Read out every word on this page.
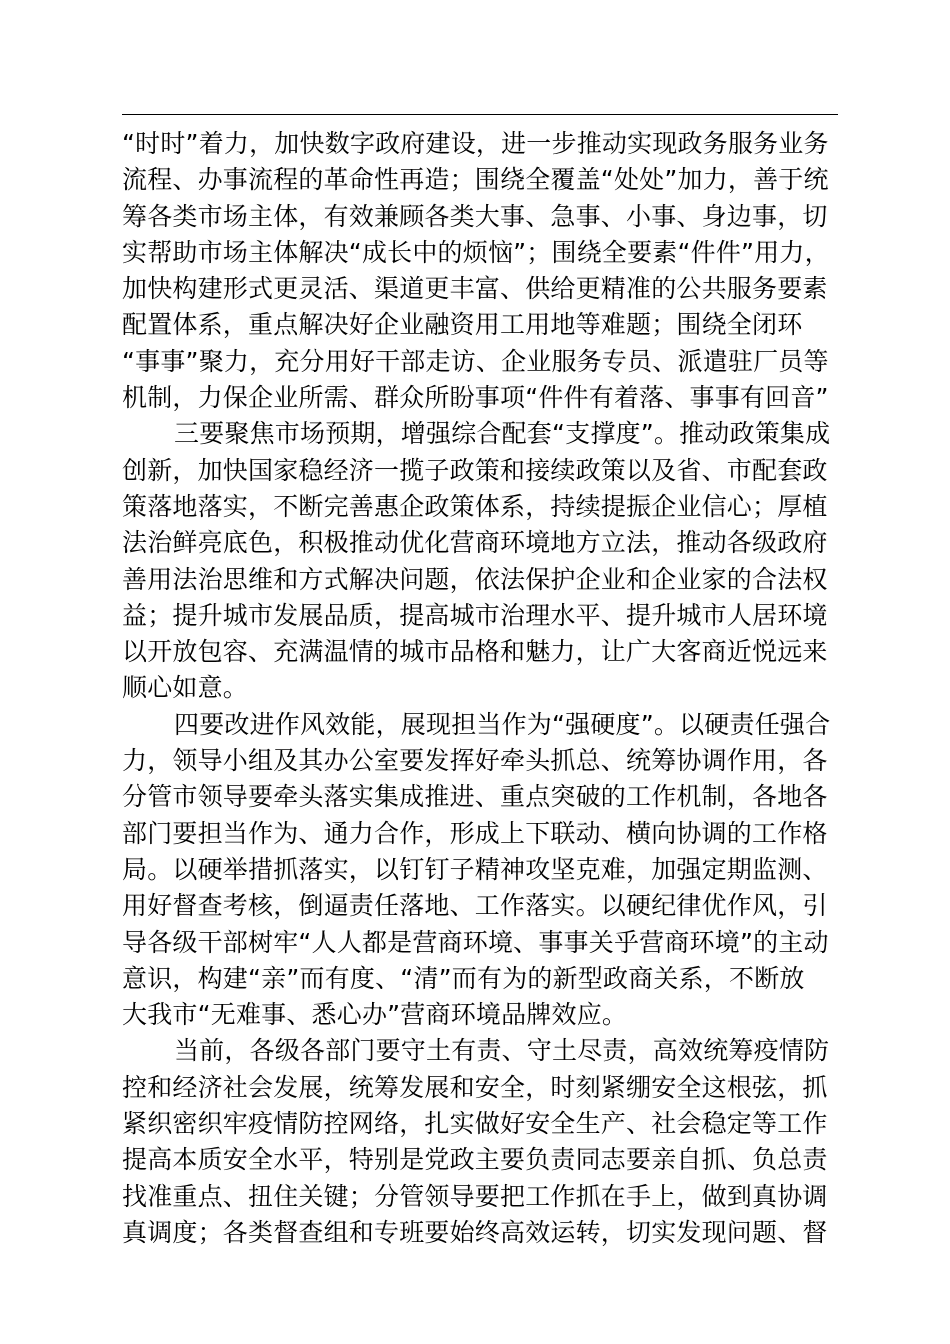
“时时”着力，加快数字政府建设，进一步推动实现政务服务业务
流程、办事流程的革命性再造；围绕全覆盖“处处”加力，善于统
筹各类市场主体，有效兼顾各类大事、急事、小事、身边事，切
实帮助市场主体解决“成长中的烦恼”；围绕全要素“件件”用力，
加快构建形式更灵活、渠道更丰富、供给更精准的公共服务要素
配置体系，重点解决好企业融资用工用地等难题；围绕全闭环
“事事”聚力，充分用好干部走访、企业服务专员、派遣驻厂员等
机制，力保企业所需、群众所盼事项“件件有着落、事事有回音”
三要聚焦市场预期，增强综合配套“支撑度”。推动政策集成
创新，加快国家稳经济一揽子政策和接续政策以及省、市配套政
策落地落实，不断完善惠企政策体系，持续提振企业信心；厚植
法治鲜亮底色，积极推动优化营商环境地方立法，推动各级政府
善用法治思维和方式解决问题，依法保护企业和企业家的合法权
益；提升城市发展品质，提高城市治理水平、提升城市人居环境
以开放包容、充满温情的城市品格和魅力，让广大客商近悦远来
顺心如意。
四要改进作风效能，展现担当作为“强硬度”。以硬责任强合
力，领导小组及其办公室要发挥好牵头抓总、统筹协调作用，各
分管市领导要牵头落实集成推进、重点突破的工作机制，各地各
部门要担当作为、通力合作，形成上下联动、横向协调的工作格
局。以硬举措抓落实，以钉钉子精神攻坚克难，加强定期监测、
用好督查考核，倒逼责任落地、工作落实。以硬纪律优作风，引
导各级干部树牢“人人都是营商环境、事事关乎营商环境”的主动
意识，构建“亲”而有度、“清”而有为的新型政商关系，不断放
大我市“无难事、悉心办”营商环境品牌效应。
当前，各级各部门要守土有责、守土尽责，高效统筹疫情防
控和经济社会发展，统筹发展和安全，时刻紧绷安全这根弦，抓
紧织密织牢疫情防控网络，扎实做好安全生产、社会稳定等工作
提高本质安全水平，特别是党政主要负责同志要亲自抓、负总责
找准重点、扭住关键；分管领导要把工作抓在手上，做到真协调
真调度；各类督查组和专班要始终高效运转，切实发现问题、督
